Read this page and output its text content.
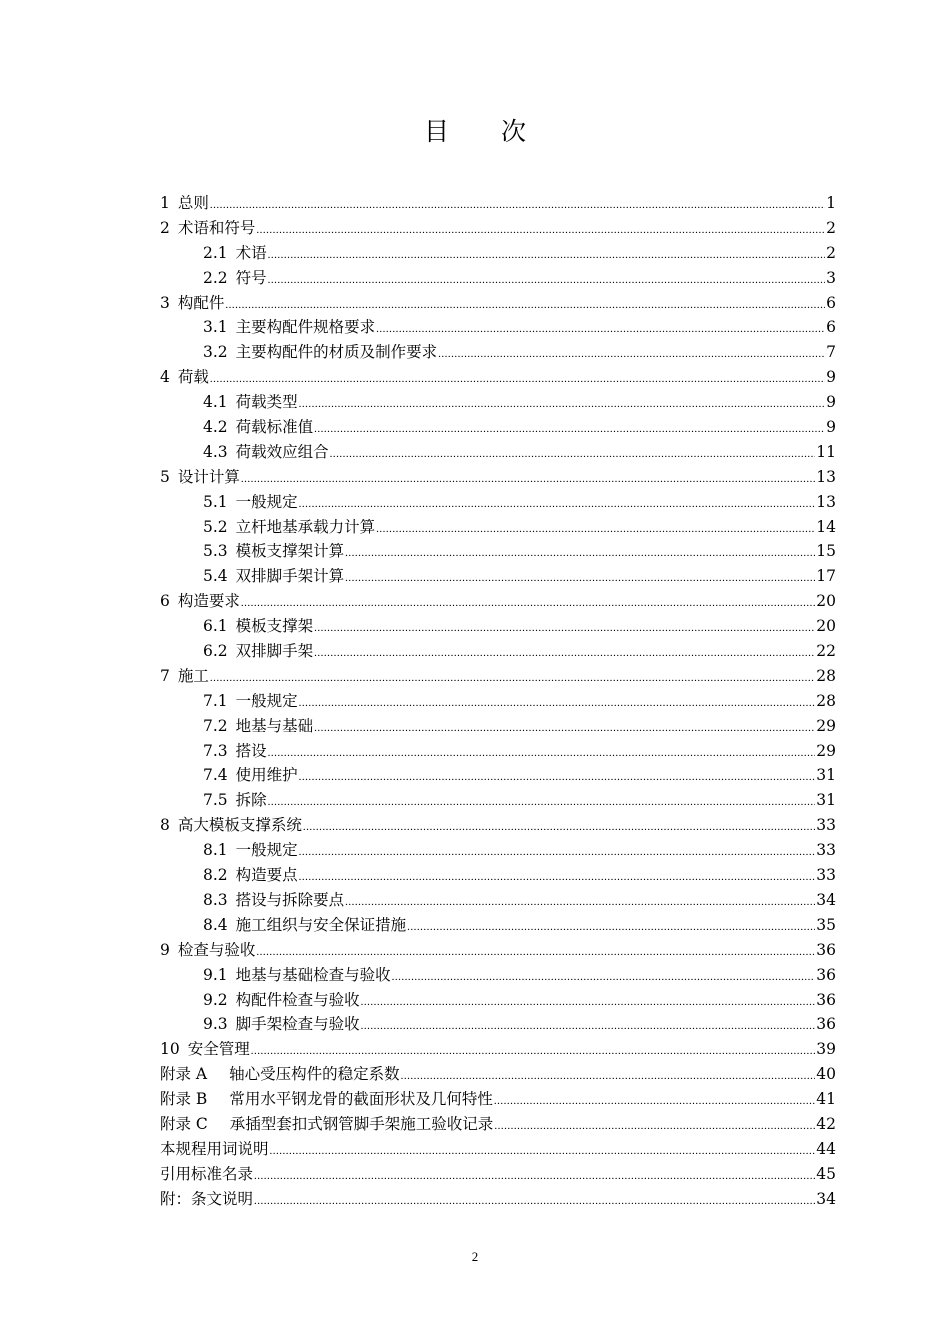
目 次
1 总则 .....	1
2 术语和符号 .....	2
2.1 术语 .....	2
2.2 符号 .....	3
3 构配件 .....	6
3.1 主要构配件规格要求 .....	6
3.2 主要构配件的材质及制作要求 .....	7
4 荷载 .....	9
4.1 荷载类型 .....	9
4.2 荷载标准值 .....	9
4.3 荷载效应组合 .....	11
5 设计计算 .....	13
5.1 一般规定 .....	13
5.2 立杆地基承载力计算 .....	14
5.3 模板支撑架计算 .....	15
5.4 双排脚手架计算 .....	17
6 构造要求 .....	20
6.1 模板支撑架 .....	20
6.2 双排脚手架 .....	22
7 施工 .....	28
7.1 一般规定 .....	28
7.2 地基与基础 .....	29
7.3 搭设 .....	29
7.4 使用维护 .....	31
7.5 拆除 .....	31
8 高大模板支撑系统 .....	33
8.1 一般规定 .....	33
8.2 构造要点 .....	33
8.3 搭设与拆除要点 .....	34
8.4 施工组织与安全保证措施 .....	35
9 检查与验收 .....	36
9.1 地基与基础检查与验收 .....	36
9.2 构配件检查与验收 .....	36
9.3 脚手架检查与验收 .....	36
10 安全管理 .....	39
附录 A 轴心受压构件的稳定系数 .....	40
附录 B 常用水平钢龙骨的截面形状及几何特性 .....	41
附录 C 承插型套扣式钢管脚手架施工验收记录 .....	42
本规程用词说明 .....	44
引用标准名录 .....	45
附：条文说明 .....	34
2
